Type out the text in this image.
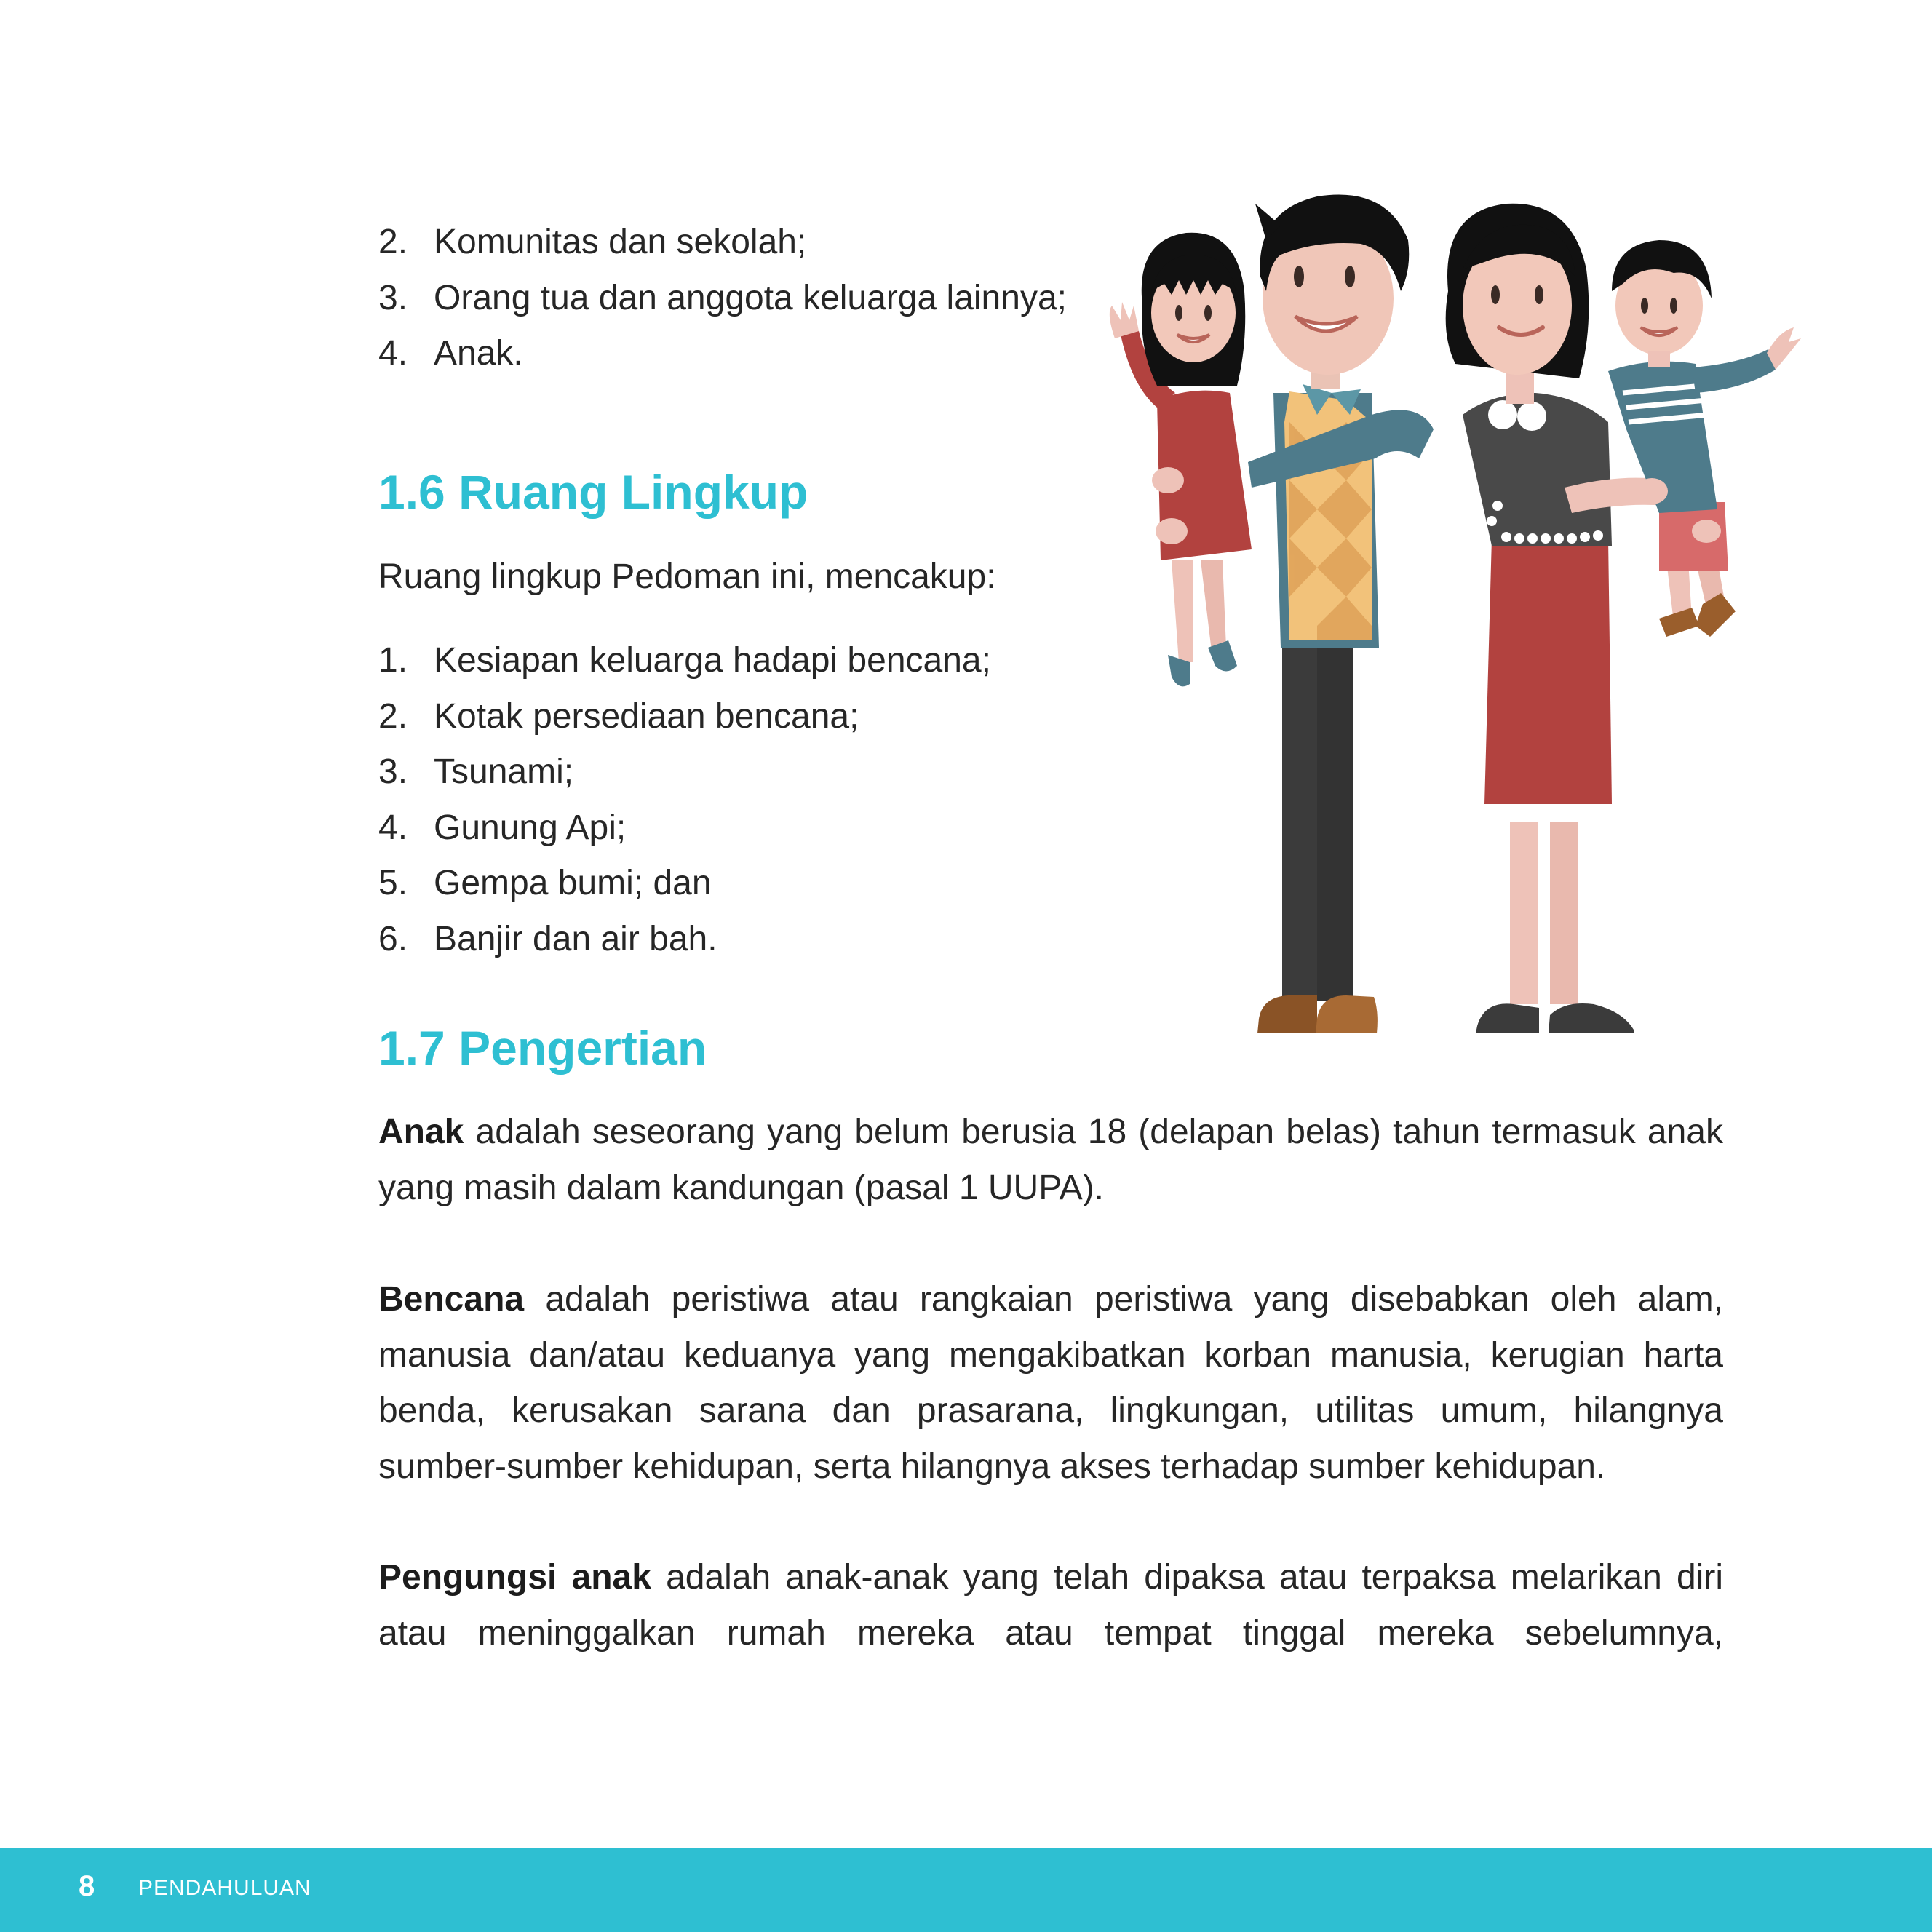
2. Komunitas dan sekolah;
3. Orang tua dan anggota keluarga lainnya;
4. Anak.
1.6 Ruang Lingkup

Ruang lingkup Pedoman ini, mencakup:

1. Kesiapan keluarga hadapi bencana;
2. Kotak persediaan bencana;
3. Tsunami;
4. Gunung Api;
5. Gempa bumi; dan
6. Banjir dan air bah.
1.7 Pengertian

Anak adalah seseorang yang belum berusia 18 (delapan belas) tahun termasuk anak yang masih dalam kandungan (pasal 1 UUPA).

Bencana adalah peristiwa atau rangkaian peristiwa yang disebabkan oleh alam, manusia dan/atau keduanya yang mengakibatkan korban manusia, kerugian harta benda, kerusakan sarana dan prasarana, lingkungan, utilitas umum, hilangnya sumber-sumber kehidupan, serta hilangnya akses terhadap sumber kehidupan.

Pengungsi anak adalah anak-anak yang telah dipaksa atau terpaksa melarikan diri atau meninggalkan rumah mereka atau tempat tinggal mereka sebelumnya,

8 PENDAHULUAN
